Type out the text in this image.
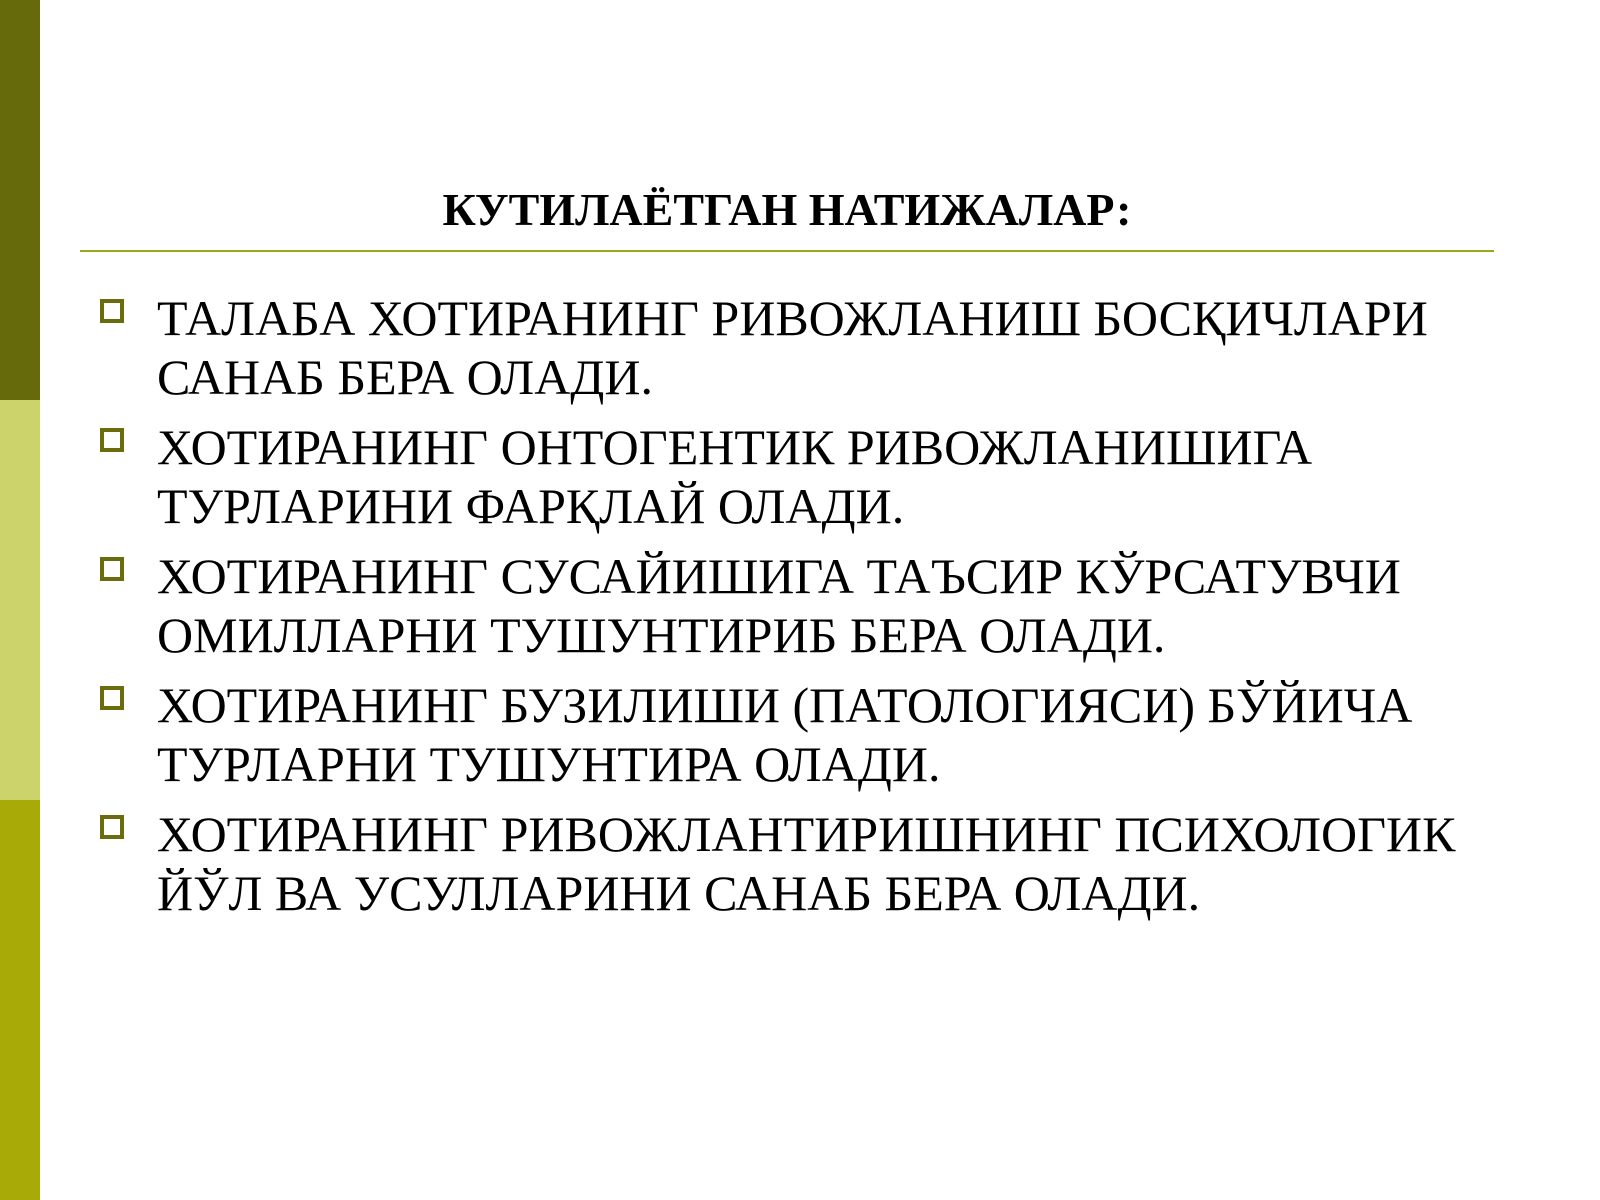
КУТИЛАЁТГАН НАТИЖАЛАР:
ТАЛАБА ХОТИРАНИНГ РИВОЖЛАНИШ БОСҚИЧЛАРИ САНАБ БЕРА ОЛАДИ.
ХОТИРАНИНГ ОНТОГЕНТИК РИВОЖЛАНИШИГА ТУРЛАРИНИ ФАРҚЛАЙ ОЛАДИ.
ХОТИРАНИНГ СУСАЙИШИГА ТАЪСИР КЎРСАТУВЧИ ОМИЛЛАРНИ ТУШУНТИРИБ БЕРА ОЛАДИ.
ХОТИРАНИНГ БУЗИЛИШИ (ПАТОЛОГИЯСИ) БЎЙИЧА ТУРЛАРНИ ТУШУНТИРА ОЛАДИ.
ХОТИРАНИНГ РИВОЖЛАНТИРИШНИНГ ПСИХОЛОГИК ЙЎЛ ВА УСУЛЛАРИНИ САНАБ БЕРА ОЛАДИ.
